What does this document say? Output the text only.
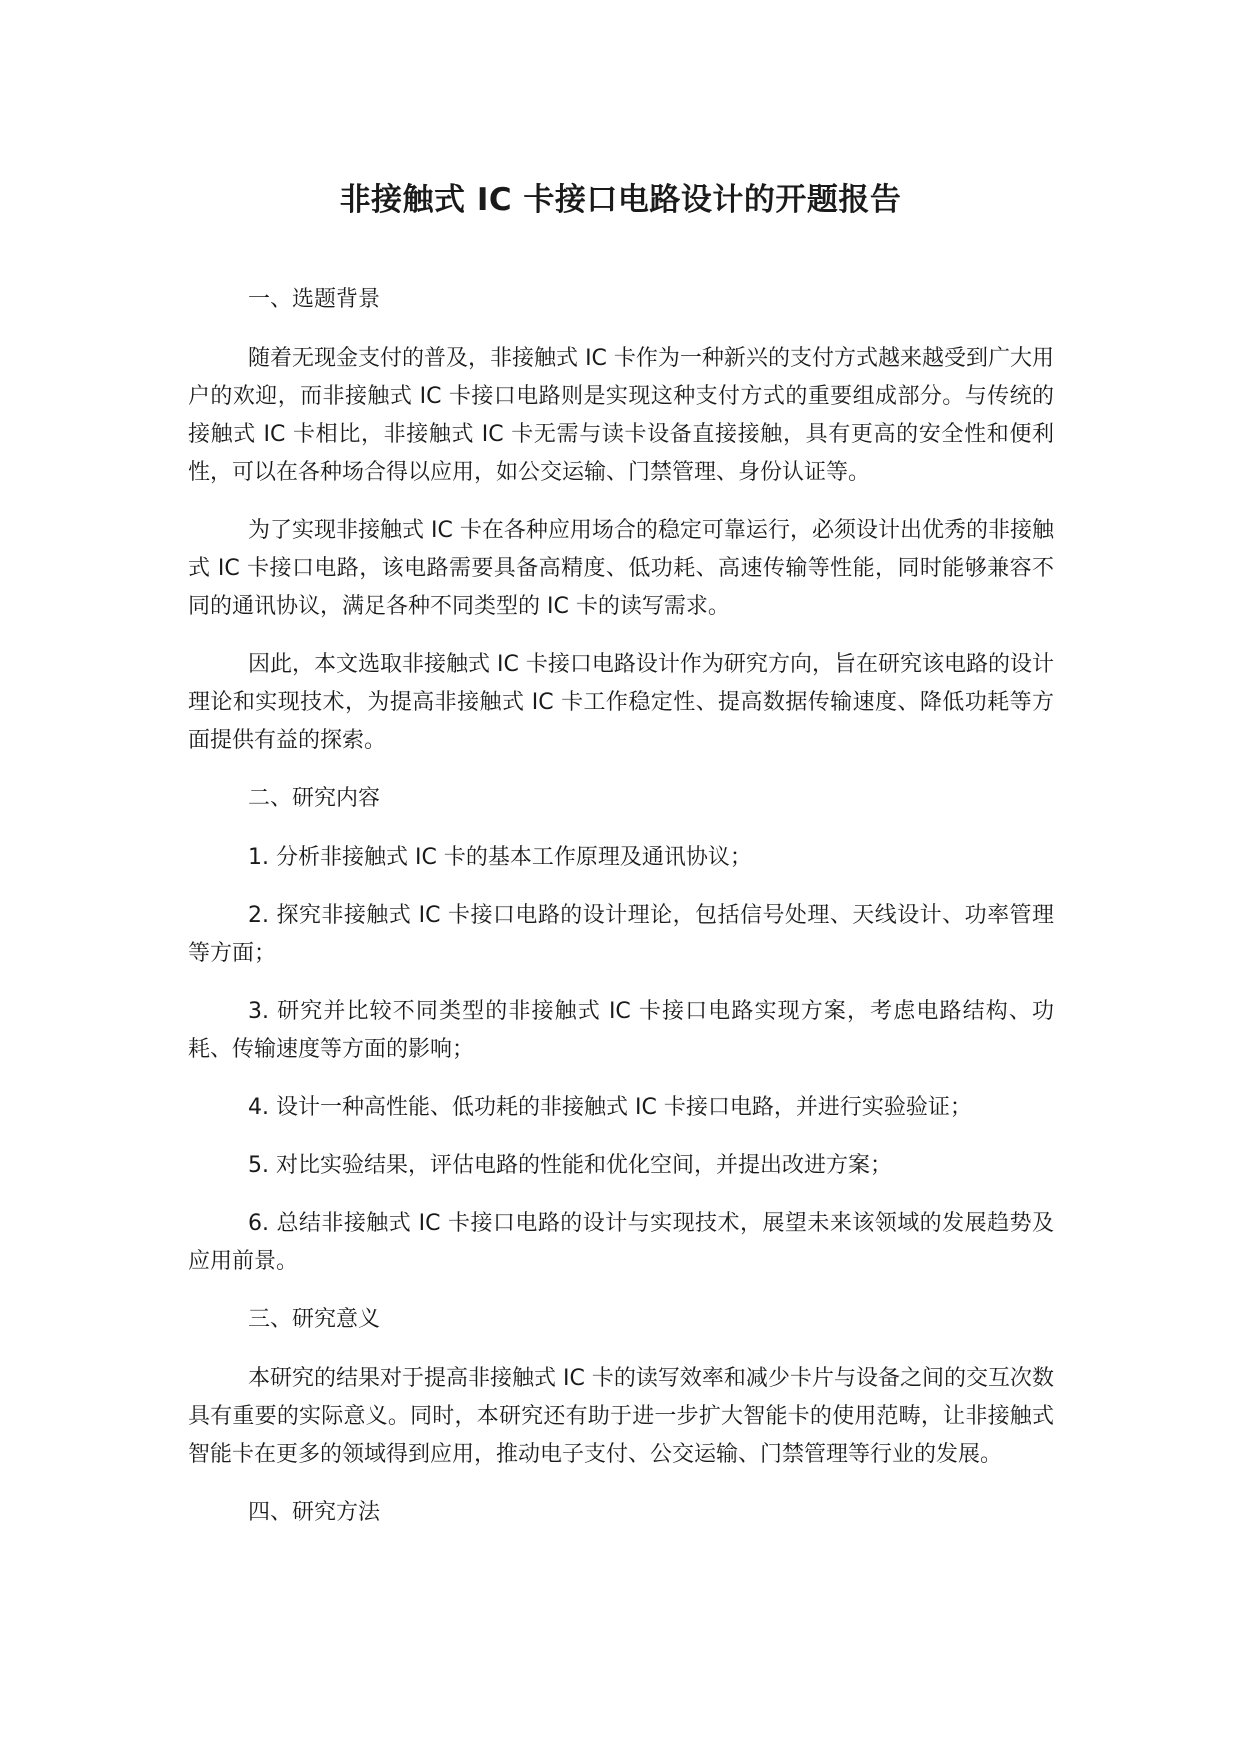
非接触式 IC 卡接口电路设计的开题报告

一、选题背景

随着无现金支付的普及，非接触式 IC 卡作为一种新兴的支付方式越来越受到广大用户的欢迎，而非接触式 IC 卡接口电路则是实现这种支付方式的重要组成部分。与传统的接触式 IC 卡相比，非接触式 IC 卡无需与读卡设备直接接触，具有更高的安全性和便利性，可以在各种场合得以应用，如公交运输、门禁管理、身份认证等。

为了实现非接触式 IC 卡在各种应用场合的稳定可靠运行，必须设计出优秀的非接触式 IC 卡接口电路，该电路需要具备高精度、低功耗、高速传输等性能，同时能够兼容不同的通讯协议，满足各种不同类型的 IC 卡的读写需求。

因此，本文选取非接触式 IC 卡接口电路设计作为研究方向，旨在研究该电路的设计理论和实现技术，为提高非接触式 IC 卡工作稳定性、提高数据传输速度、降低功耗等方面提供有益的探索。

二、研究内容

1. 分析非接触式 IC 卡的基本工作原理及通讯协议；

2. 探究非接触式 IC 卡接口电路的设计理论，包括信号处理、天线设计、功率管理等方面；

3. 研究并比较不同类型的非接触式 IC 卡接口电路实现方案，考虑电路结构、功耗、传输速度等方面的影响；

4. 设计一种高性能、低功耗的非接触式 IC 卡接口电路，并进行实验验证；

5. 对比实验结果，评估电路的性能和优化空间，并提出改进方案；

6. 总结非接触式 IC 卡接口电路的设计与实现技术，展望未来该领域的发展趋势及应用前景。

三、研究意义

本研究的结果对于提高非接触式 IC 卡的读写效率和减少卡片与设备之间的交互次数具有重要的实际意义。同时，本研究还有助于进一步扩大智能卡的使用范畴，让非接触式智能卡在更多的领域得到应用，推动电子支付、公交运输、门禁管理等行业的发展。

四、研究方法
